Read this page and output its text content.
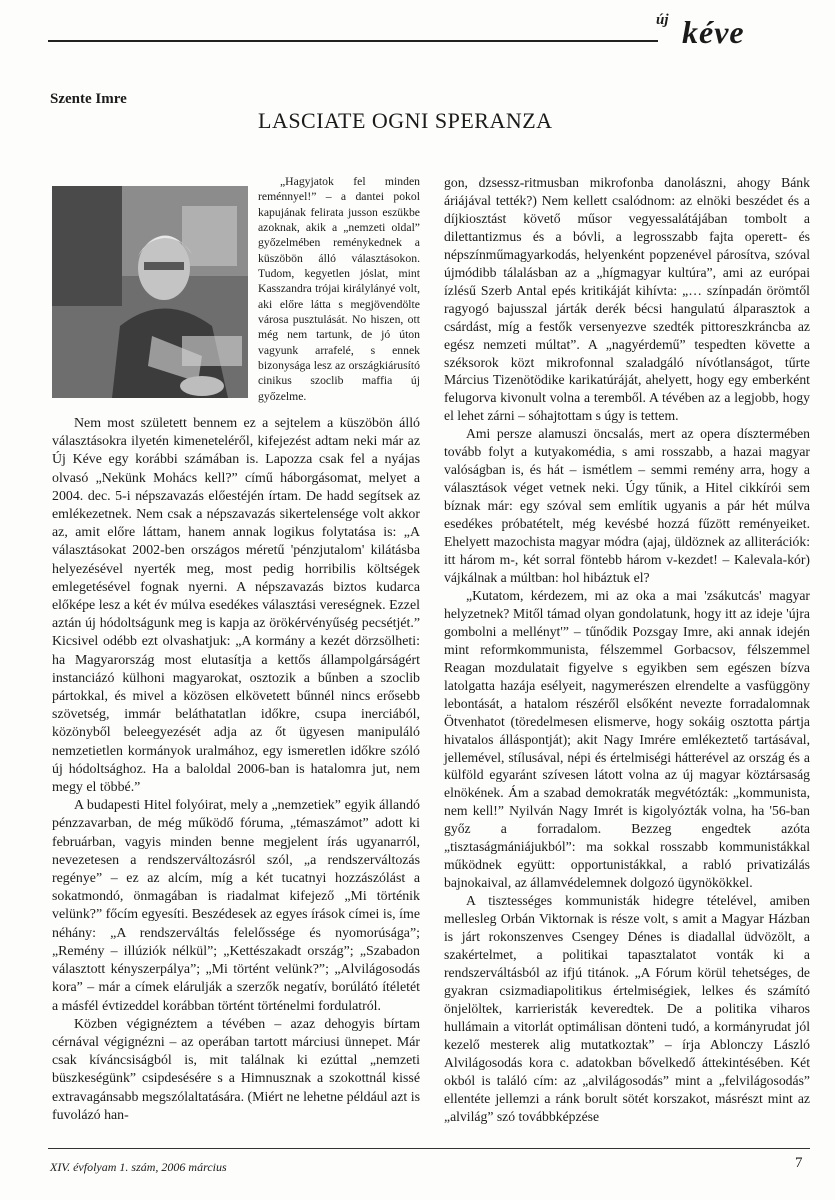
új kéve
Szente Imre
LASCIATE OGNI SPERANZA

„Hagyjatok fel minden reménnyel!” – a dantei pokol kapujának felirata jusson eszükbe azoknak, akik a „nemzeti oldal” győzelmében reménykednek a küszöbön álló választásokon. Tudom, kegyetlen jóslat, mint Kasszandra trójai királylányé volt, aki előre látta s megjövendölte városa pusztulását. No hiszen, ott még nem tartunk, de jó úton vagyunk arrafelé, s ennek bizonysága lesz az országkiárusító cinikus szoclib maffia új győzelme.

Nem most született bennem ez a sejtelem a küszöbön álló választásokra ilyetén kimeneteléről, kifejezést adtam neki már az Új Kéve egy korábbi számában is. Lapozza csak fel a nyájas olvasó „Nekünk Mohács kell?” című háborgásomat, melyet a 2004. dec. 5-i népszavazás előestéjén írtam. De hadd segítsek az emlékezetnek. Nem csak a népszavazás sikertelensége volt akkor az, amit előre láttam, hanem annak logikus folytatása is: „A választásokat 2002-ben országos méretű 'pénzjutalom' kilátásba helyezésével nyerték meg, most pedig horribilis költségek emlegetésével fognak nyerni. A népszavazás biztos kudarca előképe lesz a két év múlva esedékes választási vereségnek. Ezzel aztán új hódoltságunk meg is kapja az örökérvényűség pecsétjét.” Kicsivel odébb ezt olvashatjuk: „A kormány a kezét dörzsölheti: ha Magyarország most elutasítja a kettős állampolgárságért instanciázó külhoni magyarokat, osztozik a bűnben a szoclib pártokkal, és mivel a közösen elkövetett bűnnél nincs erősebb szövetség, immár beláthatatlan időkre, csupa inerciából, közönyből beleegyezését adja az őt ügyesen manipuláló nemzetietlen kormányok uralmához, egy ismeretlen időkre szóló új hódoltsághoz. Ha a baloldal 2006-ban is hatalomra jut, nem megy el többé.”

A budapesti Hitel folyóirat, mely a „nemzetiek” egyik állandó pénzzavarban, de még működő fóruma, „témaszámot” adott ki februárban, vagyis minden benne megjelent írás ugyanarról, nevezetesen a rendszerváltozásról szól, „a rendszerváltozás regénye” – ez az alcím, míg a két tucatnyi hozzászólást a sokatmondó, önmagában is riadalmat kifejező „Mi történik velünk?” főcím egyesíti. Beszédesek az egyes írások címei is, íme néhány: „A rendszerváltás felelőssége és nyomorúsága”; „Remény – illúziók nélkül”; „Kettészakadt ország”; „Szabadon választott kényszerpálya”; „Mi történt velünk?”; „Alvilágosodás kora” – már a címek elárulják a szerzők negatív, borúlátó ítéletét a másfél évtizeddel korábban történt történelmi fordulatról.

Közben végignéztem a tévében – azaz dehogyis bírtam cérnával végignézni – az operában tartott márciusi ünnepet. Már csak kíváncsiságból is, mit találnak ki ezúttal „nemzeti büszkeségünk” csipdesésére s a Himnusznak a szokottnál kissé extravagánsabb megszólaltatására. (Miért ne lehetne például azt is fuvolázó han-

gon, dzsessz-ritmusban mikrofonba danolászni, ahogy Bánk áriájával tették?) Nem kellett csalódnom: az elnöki beszédet és a díjkiosztást követő műsor vegyessalátájában tombolt a dilettantizmus és a bóvli, a legrosszabb fajta operett- és népszínműmagyarkodás, helyenként popzenével párosítva, szóval újmódibb tálalásban az a „hígmagyar kultúra”, ami az európai ízlésű Szerb Antal epés kritikáját kihívta: „… színpadán örömtől ragyogó bajusszal járták derék bécsi hangulatú álparasztok a csárdást, míg a festők versenyezve szedték pittoreszkráncba az egész nemzeti múltat”. A „nagyérdemű” tespedten követte a széksorok közt mikrofonnal szaladgáló nívótlanságot, tűrte Március Tizenötödike karikatúráját, ahelyett, hogy egy emberként felugorva kivonult volna a teremből. A tévében az a legjobb, hogy el lehet zárni – sóhajtottam s úgy is tettem.

Ami persze alamuszi öncsalás, mert az opera dísztermében tovább folyt a kutyakomédia, s ami rosszabb, a hazai magyar valóságban is, és hát – ismétlem – semmi remény arra, hogy a választások véget vetnek neki. Úgy tűnik, a Hitel cikkírói sem bíznak már: egy szóval sem említik ugyanis a pár hét múlva esedékes próbatételt, még kevésbé hozzá fűzött reményeiket. Ehelyett mazochista magyar módra (ajaj, üldöznek az alliterációk: itt három m-, két sorral föntebb három v-kezdet! – Kalevala-kór) vájkálnak a múltban: hol hibáztuk el?

„Kutatom, kérdezem, mi az oka a mai 'zsákutcás' magyar helyzetnek? Mitől támad olyan gondolatunk, hogy itt az ideje 'újra gombolni a mellényt'” – tűnődik Pozsgay Imre, aki annak idején mint reformkommunista, félszemmel Gorbacsov, félszemmel Reagan mozdulatait figyelve s egyikben sem egészen bízva latolgatta hazája esélyeit, nagymerészen elrendelte a vasfüggöny lebontását, a hatalom részéről elsőként nevezte forradalomnak Ötvenhatot (töredelmesen elismerve, hogy sokáig osztotta pártja hivatalos álláspontját); akit Nagy Imrére emlékeztető tartásával, jellemével, stílusával, népi és értelmiségi hátterével az ország és a külföld egyaránt szívesen látott volna az új magyar köztársaság elnökének. Ám a szabad demokraták megvétózták: „kommunista, nem kell!” Nyilván Nagy Imrét is kigolyózták volna, ha '56-ban győz a forradalom. Bezzeg engedtek azóta „tisztaságmániájukból”: ma sokkal rosszabb kommunistákkal működnek együtt: opportunistákkal, a rabló privatizálás bajnokaival, az államvédelemnek dolgozó ügynökökkel.

A tisztességes kommunisták hidegre tételével, amiben mellesleg Orbán Viktornak is része volt, s amit a Magyar Házban is járt rokonszenves Csengey Dénes is diadallal üdvözölt, a szakértelmet, a politikai tapasztalatot vonták ki a rendszerváltásból az ifjú titánok. „A Fórum körül tehetséges, de gyakran csizmadiapolitikus értelmiségiek, lelkes és számító önjelöltek, karrieristák keveredtek. De a politika viharos hullámain a vitorlát optimálisan dönteni tudó, a kormányrudat jól kezelő mesterek alig mutatkoztak” – írja Ablonczy László Alvilágosodás kora c. adatokban bővelkedő áttekintésében. Két okból is találó cím: az „alvilágosodás” mint a „felvilágosodás” ellentéte jellemzi a ránk borult sötét korszakot, másrészt mint az „alvilág” szó továbbképzése

XIV. évfolyam 1. szám, 2006 március	7
